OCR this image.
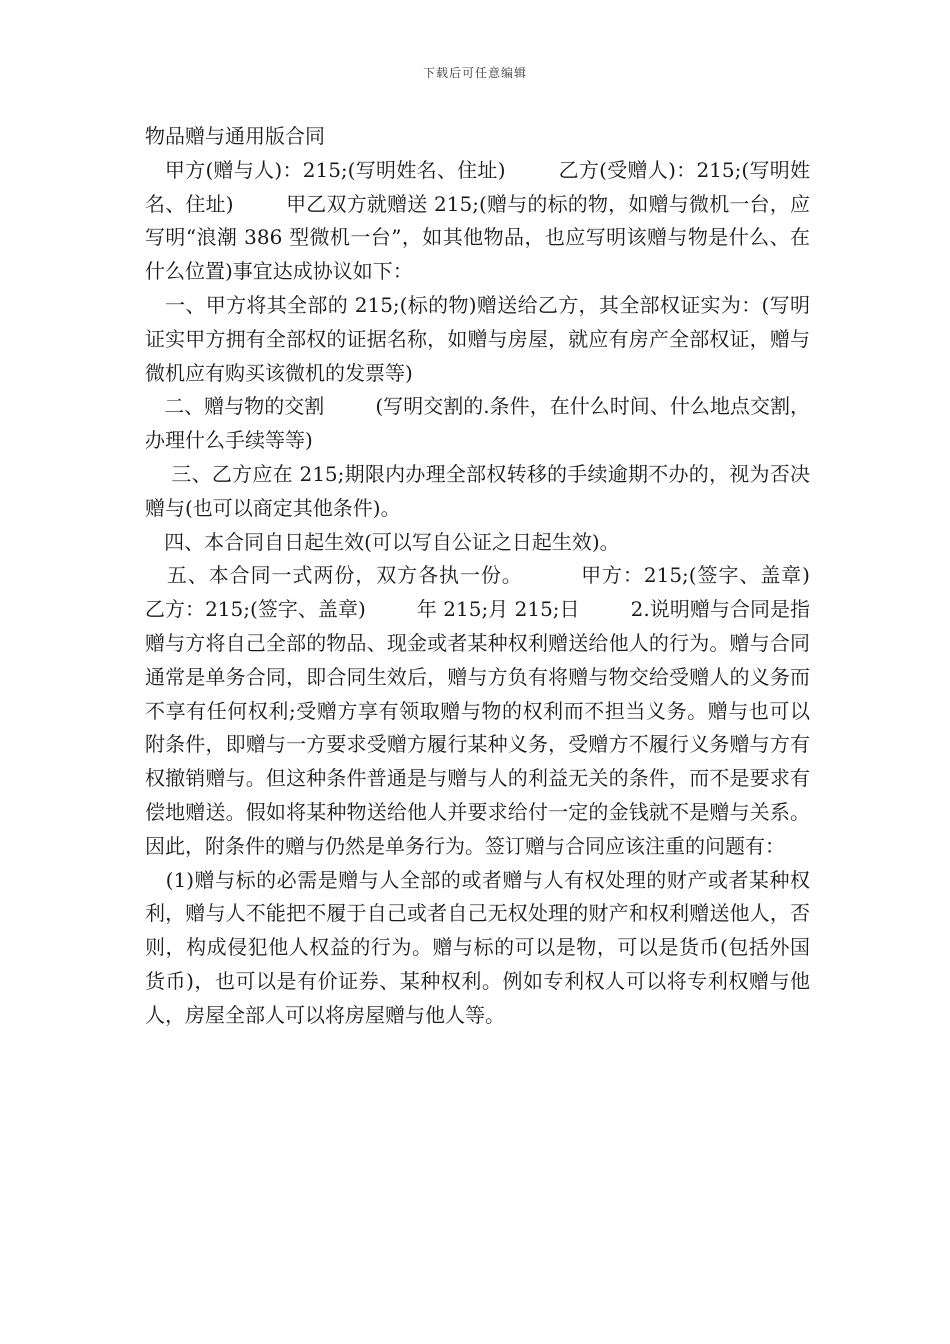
下载后可任意编辑

物品赠与通用版合同

甲方(赠与人)：215;(写明姓名、住址)        乙方(受赠人)：215;(写明姓名、住址)        甲乙双方就赠送 215;(赠与的标的物，如赠与微机一台，应写明“浪潮 386 型微机一台”，如其他物品，也应写明该赠与物是什么、在什么位置)事宜达成协议如下：

一、甲方将其全部的 215;(标的物)赠送给乙方，其全部权证实为：(写明证实甲方拥有全部权的证据名称，如赠与房屋，就应有房产全部权证，赠与微机应有购买该微机的发票等)

二、赠与物的交割        (写明交割的.条件，在什么时间、什么地点交割，办理什么手续等等)

三、乙方应在 215;期限内办理全部权转移的手续逾期不办的，视为否决赠与(也可以商定其他条件)。

四、本合同自日起生效(可以写自公证之日起生效)。

五、本合同一式两份，双方各执一份。        甲方：215;(签字、盖章)        乙方：215;(签字、盖章)        年 215;月 215;日        2.说明赠与合同是指赠与方将自己全部的物品、现金或者某种权利赠送给他人的行为。赠与合同通常是单务合同，即合同生效后，赠与方负有将赠与物交给受赠人的义务而不享有任何权利;受赠方享有领取赠与物的权利而不担当义务。赠与也可以附条件，即赠与一方要求受赠方履行某种义务，受赠方不履行义务赠与方有权撤销赠与。但这种条件普通是与赠与人的利益无关的条件，而不是要求有偿地赠送。假如将某种物送给他人并要求给付一定的金钱就不是赠与关系。因此，附条件的赠与仍然是单务行为。签订赠与合同应该注重的问题有：

(1)赠与标的必需是赠与人全部的或者赠与人有权处理的财产或者某种权利，赠与人不能把不履于自己或者自己无权处理的财产和权利赠送他人，否则，构成侵犯他人权益的行为。赠与标的可以是物，可以是货币(包括外国货币)，也可以是有价证券、某种权利。例如专利权人可以将专利权赠与他人，房屋全部人可以将房屋赠与他人等。
